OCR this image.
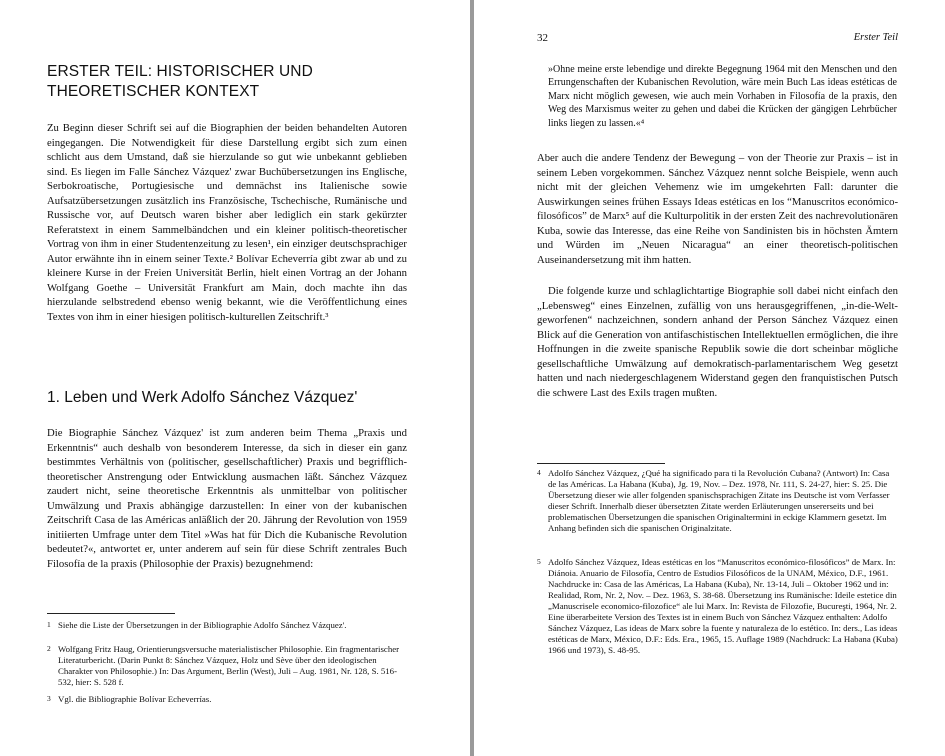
ERSTER TEIL: HISTORISCHER UND THEORETISCHER KONTEXT

Zu Beginn dieser Schrift sei auf die Biographien der beiden behandelten Autoren eingegangen. Die Notwendigkeit für diese Darstellung ergibt sich zum einen schlicht aus dem Umstand, daß sie hierzulande so gut wie unbekannt geblieben sind. Es liegen im Falle Sánchez Vázquez' zwar Buchübersetzungen ins Englische, Serbokroatische, Portugiesische und demnächst ins Italienische sowie Aufsatzübersetzungen zusätzlich ins Französische, Tschechische, Rumänische und Russische vor, auf Deutsch waren bisher aber lediglich ein stark gekürzter Referatstext in einem Sammelbändchen und ein kleiner politisch-theoretischer Vortrag von ihm in einer Studentenzeitung zu lesen¹, ein einziger deutschsprachiger Autor erwähnte ihn in einem seiner Texte.² Bolívar Echeverría gibt zwar ab und zu kleinere Kurse in der Freien Universität Berlin, hielt einen Vortrag an der Johann Wolfgang Goethe – Universität Frankfurt am Main, doch machte ihn das hierzulande selbstredend ebenso wenig bekannt, wie die Veröffentlichung eines Textes von ihm in einer hiesigen politisch-kulturellen Zeitschrift.³

1. Leben und Werk Adolfo Sánchez Vázquez'

Die Biographie Sánchez Vázquez' ist zum anderen beim Thema „Praxis und Erkenntnis“ auch deshalb von besonderem Interesse, da sich in dieser ein ganz bestimmtes Verhältnis von (politischer, gesellschaftlicher) Praxis und begrifflich-theoretischer Anstrengung oder Entwicklung ausmachen läßt. Sánchez Vázquez zaudert nicht, seine theoretische Erkenntnis als unmittelbar von politischer Umwälzung und Praxis abhängige darzustellen: In einer von der kubanischen Zeitschrift Casa de las Américas anläßlich der 20. Jährung der Revolution von 1959 initiierten Umfrage unter dem Titel »Was hat für Dich die Kubanische Revolution bedeutet?«, antwortet er, unter anderem auf sein für diese Schrift zentrales Buch Filosofía de la praxis (Philosophie der Praxis) bezugnehmend:

1 Siehe die Liste der Übersetzungen in der Bibliographie Adolfo Sánchez Vázquez'.
2 Wolfgang Fritz Haug, Orientierungsversuche materialistischer Philosophie. Ein fragmentarischer Literaturbericht. (Darin Punkt 8: Sánchez Vázquez, Holz und Sève über den ideologischen Charakter von Philosophie.) In: Das Argument, Berlin (West), Juli – Aug. 1981, Nr. 128, S. 516-532, hier: S. 528 f.
3 Vgl. die Bibliographie Bolívar Echeverrías.

32	Erster Teil

»Ohne meine erste lebendige und direkte Begegnung 1964 mit den Menschen und den Errungenschaften der Kubanischen Revolution, wäre mein Buch Las ideas estéticas de Marx nicht möglich gewesen, wie auch mein Vorhaben in Filosofía de la praxis, den Weg des Marxismus weiter zu gehen und dabei die Krücken der gängigen Lehrbücher links liegen zu lassen.«⁴

Aber auch die andere Tendenz der Bewegung – von der Theorie zur Praxis – ist in seinem Leben vorgekommen. Sánchez Vázquez nennt solche Beispiele, wenn auch nicht mit der gleichen Vehemenz wie im umgekehrten Fall: darunter die Auswirkungen seines frühen Essays Ideas estéticas en los “Manuscritos económico-filosóficos” de Marx⁵ auf die Kulturpolitik in der ersten Zeit des nachrevolutionären Kuba, sowie das Interesse, das eine Reihe von Sandinisten bis in höchsten Ämtern und Würden im „Neuen Nicaragua“ an einer theoretisch-politischen Auseinandersetzung mit ihm hatten.

Die folgende kurze und schlaglichtartige Biographie soll dabei nicht einfach den „Lebensweg“ eines Einzelnen, zufällig von uns herausgegriffenen, „in-die-Welt-geworfenen“ nachzeichnen, sondern anhand der Person Sánchez Vázquez einen Blick auf die Generation von antifaschistischen Intellektuellen ermöglichen, die ihre Hoffnungen in die zweite spanische Republik sowie die dort scheinbar mögliche gesellschaftliche Umwälzung auf demokratisch-parlamentarischem Weg gesetzt hatten und nach niedergeschlagenem Widerstand gegen den franquistischen Putsch die schwere Last des Exils tragen mußten.

4 Adolfo Sánchez Vázquez, ¿Qué ha significado para ti la Revolución Cubana? (Antwort) In: Casa de las Américas. La Habana (Kuba), Jg. 19, Nov. – Dez. 1978, Nr. 111, S. 24-27, hier: S. 25. Die Übersetzung dieser wie aller folgenden spanischsprachigen Zitate ins Deutsche ist vom Verfasser dieser Schrift. Innerhalb dieser übersetzten Zitate werden Erläuterungen unsererseits und bei problematischen Übersetzungen die spanischen Originaltermini in eckige Klammern gesetzt. Im Anhang befinden sich die spanischen Originalzitate.
5 Adolfo Sánchez Vázquez, Ideas estéticas en los “Manuscritos económico-filosóficos” de Marx. In: Diánoia. Anuario de Filosofía, Centro de Estudios Filosóficos de la UNAM, México, D.F., 1961. Nachdrucke in: Casa de las Américas, La Habana (Kuba), Nr. 13-14, Juli – Oktober 1962 und in: Realidad, Rom, Nr. 2, Nov. – Dez. 1963, S. 38-68. Übersetzung ins Rumänische: Ideile estetice din „Manuscrisele economico-filozofice“ ale lui Marx. In: Revista de Filozofie, Bucureşti, 1964, Nr. 2. Eine überarbeitete Version des Textes ist in einem Buch von Sánchez Vázquez enthalten: Adolfo Sánchez Vázquez, Las ideas de Marx sobre la fuente y naturaleza de lo estético. In: ders., Las ideas estéticas de Marx, México, D.F.: Eds. Era., 1965, 15. Auflage 1989 (Nachdruck: La Habana (Kuba) 1966 und 1973), S. 48-95.
